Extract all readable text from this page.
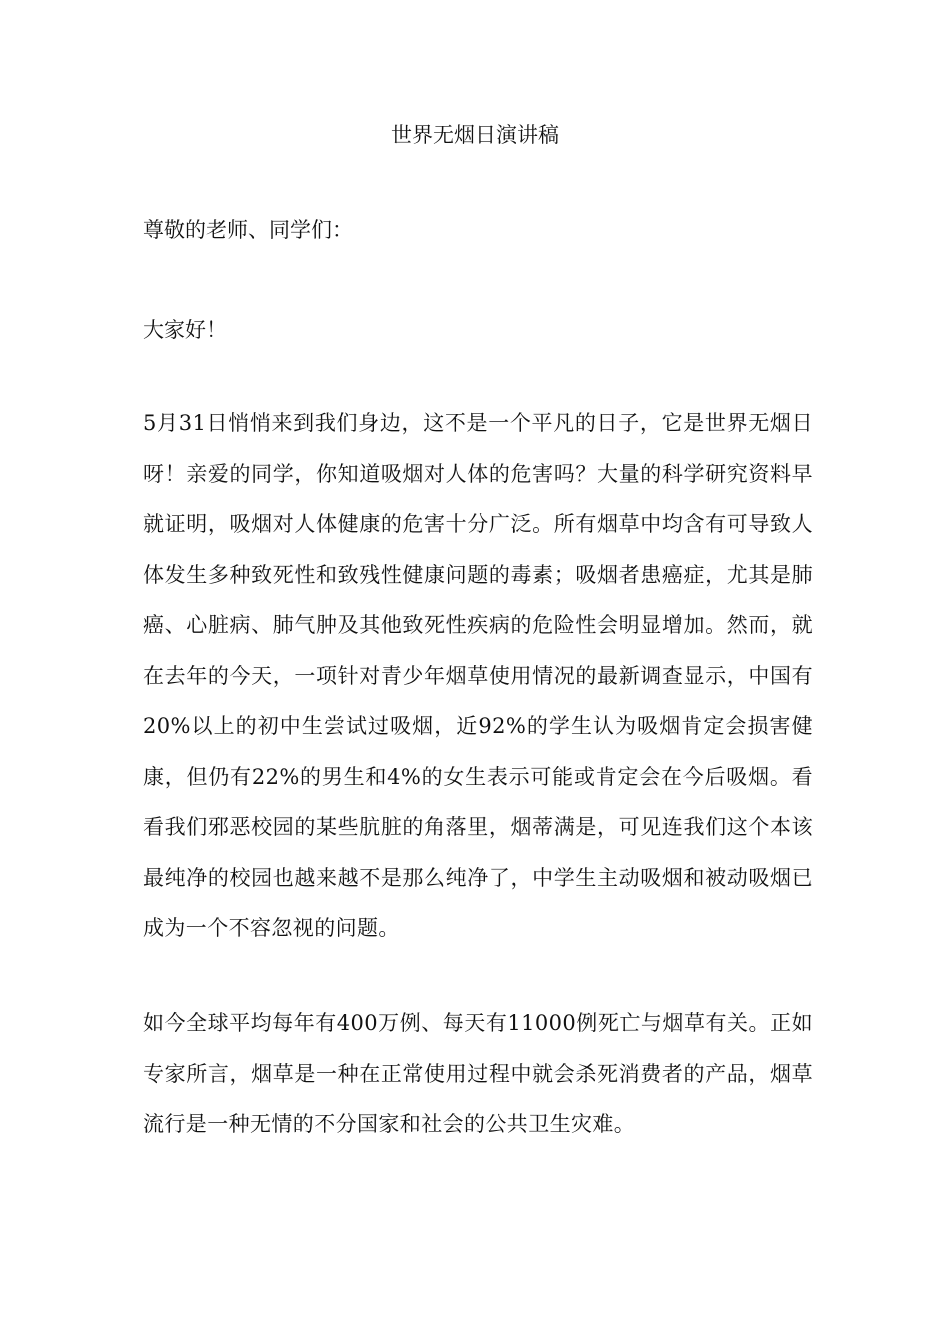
世界无烟日演讲稿

尊敬的老师、同学们：

大家好！

5月31日悄悄来到我们身边，这不是一个平凡的日子，它是世界无烟日呀！亲爱的同学，你知道吸烟对人体的危害吗？大量的科学研究资料早就证明，吸烟对人体健康的危害十分广泛。所有烟草中均含有可导致人体发生多种致死性和致残性健康问题的毒素；吸烟者患癌症，尤其是肺癌、心脏病、肺气肿及其他致死性疾病的危险性会明显增加。然而，就在去年的今天，一项针对青少年烟草使用情况的最新调查显示，中国有20%以上的初中生尝试过吸烟，近92%的学生认为吸烟肯定会损害健康，但仍有22%的男生和4%的女生表示可能或肯定会在今后吸烟。看看我们邪恶校园的某些肮脏的角落里，烟蒂满是，可见连我们这个本该最纯净的校园也越来越不是那么纯净了，中学生主动吸烟和被动吸烟已成为一个不容忽视的问题。

如今全球平均每年有400万例、每天有11000例死亡与烟草有关。正如专家所言，烟草是一种在正常使用过程中就会杀死消费者的产品，烟草流行是一种无情的不分国家和社会的公共卫生灾难。
